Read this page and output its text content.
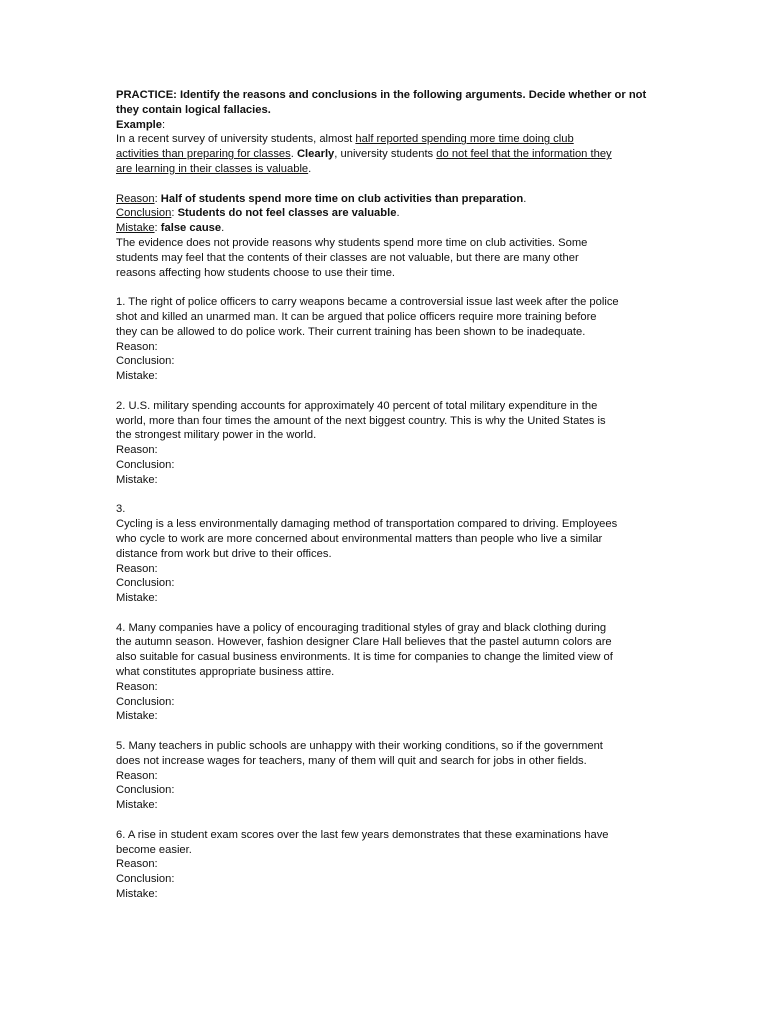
PRACTICE: Identify the reasons and conclusions in the following arguments. Decide whether or not
they contain logical fallacies.
Example:
In a recent survey of university students, almost half reported spending more time doing club
activities than preparing for classes. Clearly, university students do not feel that the information they
are learning in their classes is valuable.
Reason: Half of students spend more time on club activities than preparation.
Conclusion: Students do not feel classes are valuable.
Mistake: false cause.
The evidence does not provide reasons why students spend more time on club activities. Some
students may feel that the contents of their classes are not valuable, but there are many other
reasons affecting how students choose to use their time.
1. The right of police officers to carry weapons became a controversial issue last week after the police
shot and killed an unarmed man. It can be argued that police officers require more training before
they can be allowed to do police work. Their current training has been shown to be inadequate.
Reason:
Conclusion:
Mistake:
2. U.S. military spending accounts for approximately 40 percent of total military expenditure in the
world, more than four times the amount of the next biggest country. This is why the United States is
the strongest military power in the world.
Reason:
Conclusion:
Mistake:
3.
Cycling is a less environmentally damaging method of transportation compared to driving. Employees
who cycle to work are more concerned about environmental matters than people who live a similar
distance from work but drive to their offices.
Reason:
Conclusion:
Mistake:
4. Many companies have a policy of encouraging traditional styles of gray and black clothing during
the autumn season. However, fashion designer Clare Hall believes that the pastel autumn colors are
also suitable for casual business environments. It is time for companies to change the limited view of
what constitutes appropriate business attire.
Reason:
Conclusion:
Mistake:
5. Many teachers in public schools are unhappy with their working conditions, so if the government
does not increase wages for teachers, many of them will quit and search for jobs in other fields.
Reason:
Conclusion:
Mistake:
6. A rise in student exam scores over the last few years demonstrates that these examinations have
become easier.
Reason:
Conclusion:
Mistake:
